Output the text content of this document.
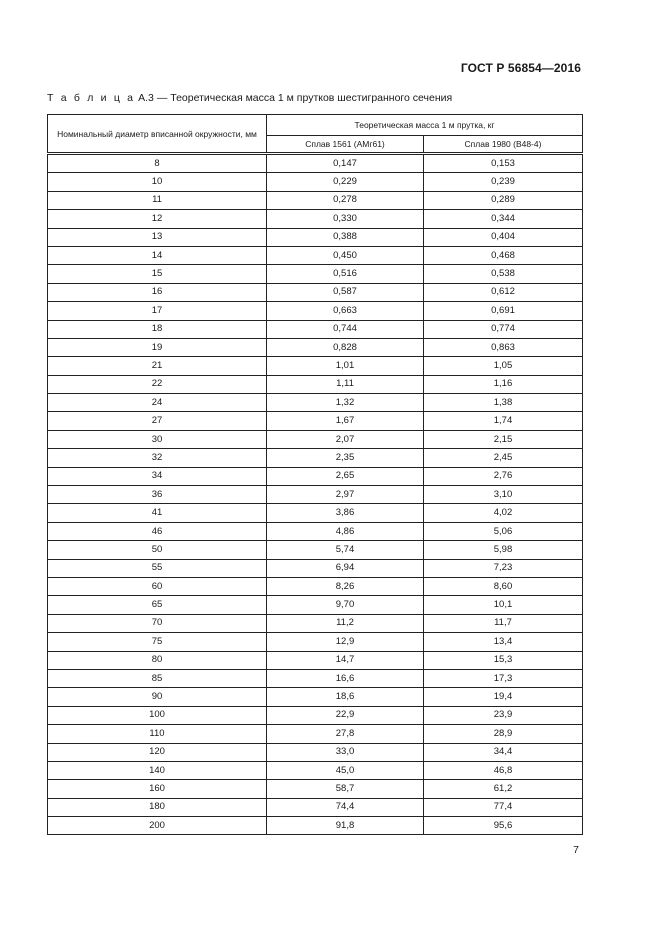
ГОСТ Р 56854—2016
Т а б л и ц а А.3 — Теоретическая масса 1 м прутков шестигранного сечения
Номинальный диаметр вписанной окружности, мм	Теоретическая масса 1 м прутка, кг	
	Сплав 1561 (АМг61)	Сплав 1980 (В48-4)
8	0,147	0,153
10	0,229	0,239
11	0,278	0,289
12	0,330	0,344
13	0,388	0,404
14	0,450	0,468
15	0,516	0,538
16	0,587	0,612
17	0,663	0,691
18	0,744	0,774
19	0,828	0,863
21	1,01	1,05
22	1,11	1,16
24	1,32	1,38
27	1,67	1,74
30	2,07	2,15
32	2,35	2,45
34	2,65	2,76
36	2,97	3,10
41	3,86	4,02
46	4,86	5,06
50	5,74	5,98
55	6,94	7,23
60	8,26	8,60
65	9,70	10,1
70	11,2	11,7
75	12,9	13,4
80	14,7	15,3
85	16,6	17,3
90	18,6	19,4
100	22,9	23,9
110	27,8	28,9
120	33,0	34,4
140	45,0	46,8
160	58,7	61,2
180	74,4	77,4
200	91,8	95,6
7
